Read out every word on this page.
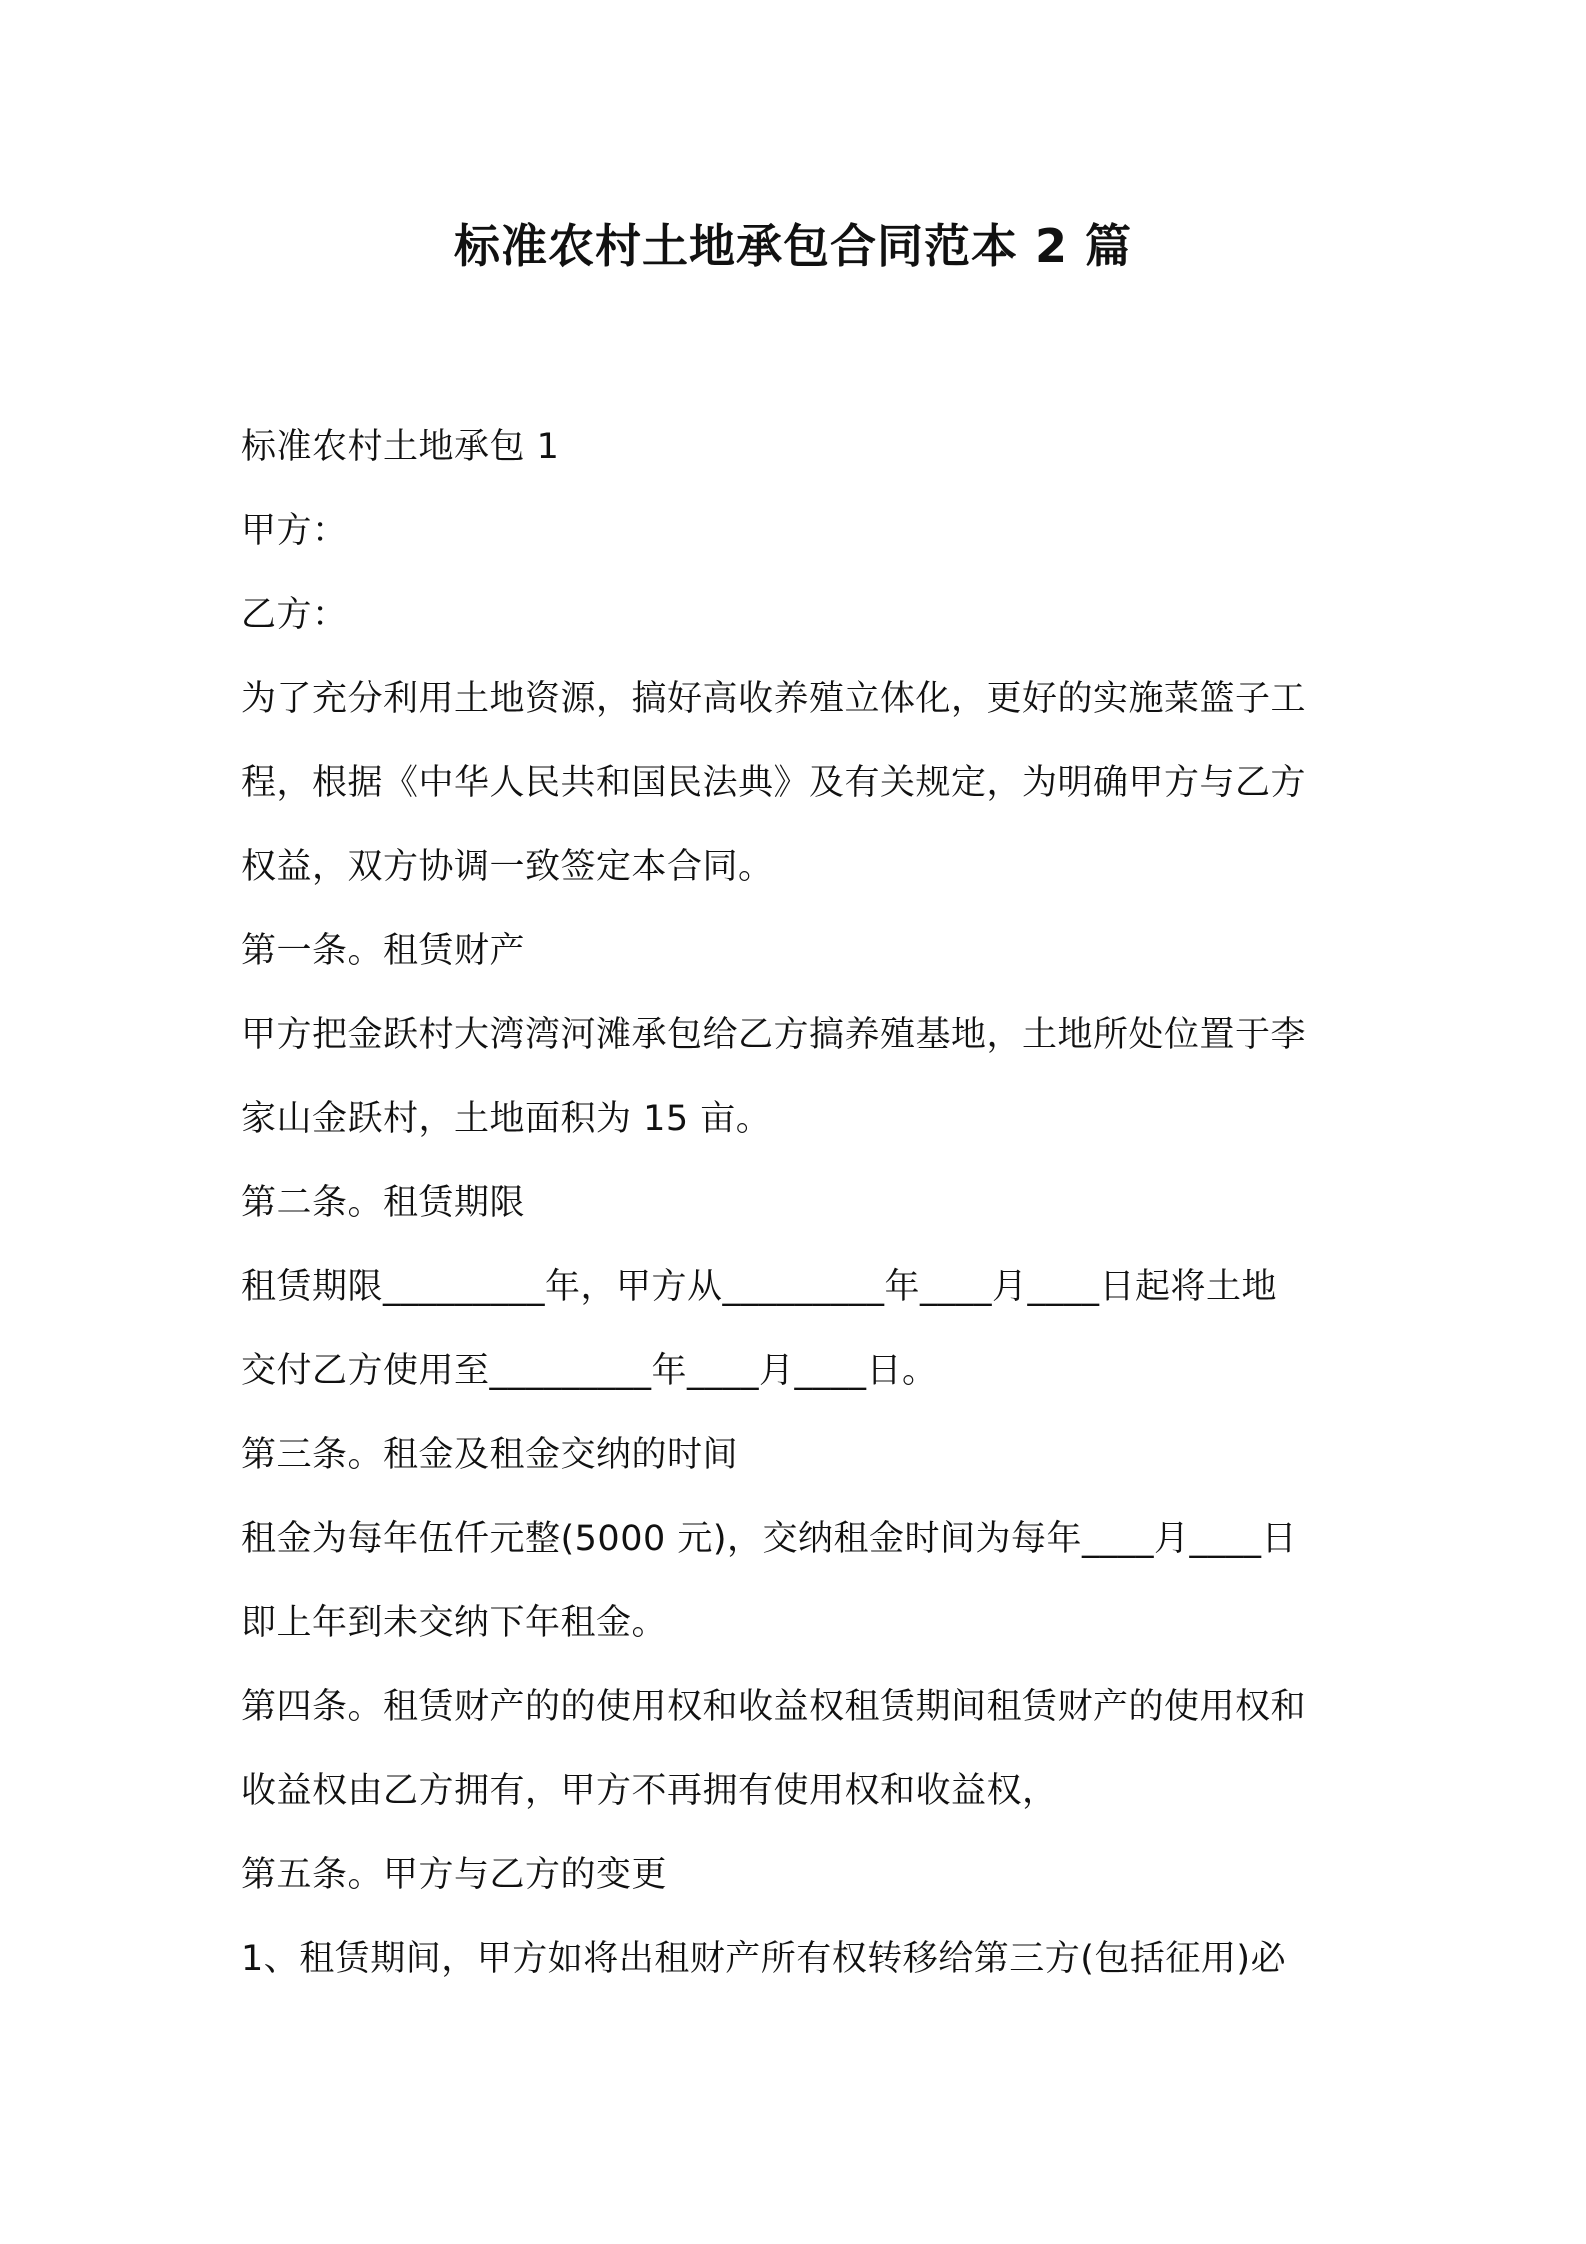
标准农村土地承包合同范本 2 篇
标准农村土地承包 1
甲方：
乙方：
为了充分利用土地资源，搞好高收养殖立体化，更好的实施菜篮子工
程，根据《中华人民共和国民法典》及有关规定，为明确甲方与乙方
权益，双方协调一致签定本合同。
第一条。租赁财产
甲方把金跃村大湾湾河滩承包给乙方搞养殖基地，土地所处位置于李
家山金跃村，土地面积为 15 亩。
第二条。租赁期限
租赁期限_________年，甲方从_________年____月____日起将土地
交付乙方使用至_________年____月____日。
第三条。租金及租金交纳的时间
租金为每年伍仟元整(5000 元)，交纳租金时间为每年____月____日
即上年到未交纳下年租金。
第四条。租赁财产的的使用权和收益权租赁期间租赁财产的使用权和
收益权由乙方拥有，甲方不再拥有使用权和收益权，
第五条。甲方与乙方的变更
1、租赁期间，甲方如将出租财产所有权转移给第三方(包括征用)必
